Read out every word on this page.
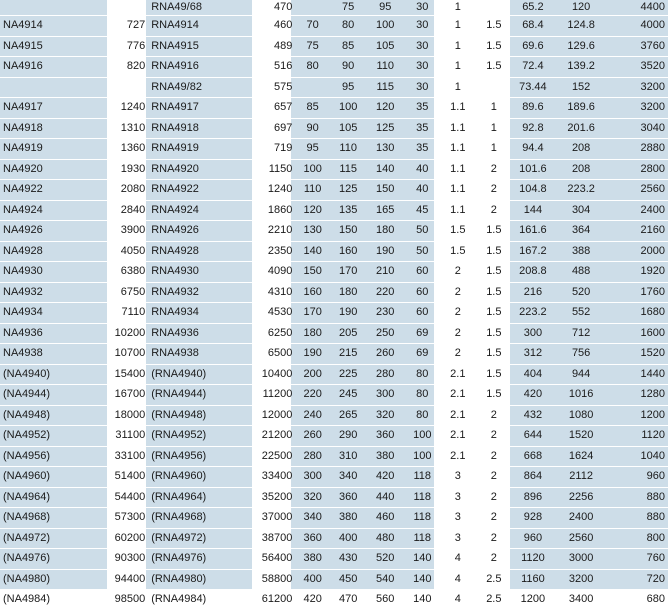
		RNA49/68	470		75	95	30	1		65.2	120	4400
NA4914	727	RNA4914	460	70	80	100	30	1	1.5	68.4	124.8	4000
NA4915	776	RNA4915	489	75	85	105	30	1	1.5	69.6	129.6	3760
NA4916	820	RNA4916	516	80	90	110	30	1	1.5	72.4	139.2	3520
		RNA49/82	575		95	115	30	1		73.44	152	3200
NA4917	1240	RNA4917	657	85	100	120	35	1.1	1	89.6	189.6	3200
NA4918	1310	RNA4918	697	90	105	125	35	1.1	1	92.8	201.6	3040
NA4919	1360	RNA4919	719	95	110	130	35	1.1	1	94.4	208	2880
NA4920	1930	RNA4920	1150	100	115	140	40	1.1	2	101.6	208	2800
NA4922	2080	RNA4922	1240	110	125	150	40	1.1	2	104.8	223.2	2560
NA4924	2840	RNA4924	1860	120	135	165	45	1.1	2	144	304	2400
NA4926	3900	RNA4926	2210	130	150	180	50	1.5	1.5	161.6	364	2160
NA4928	4050	RNA4928	2350	140	160	190	50	1.5	1.5	167.2	388	2000
NA4930	6380	RNA4930	4090	150	170	210	60	2	1.5	208.8	488	1920
NA4932	6750	RNA4932	4310	160	180	220	60	2	1.5	216	520	1760
NA4934	7110	RNA4934	4530	170	190	230	60	2	1.5	223.2	552	1680
NA4936	10200	RNA4936	6250	180	205	250	69	2	1.5	300	712	1600
NA4938	10700	RNA4938	6500	190	215	260	69	2	1.5	312	756	1520
(NA4940)	15400	(RNA4940)	10400	200	225	280	80	2.1	1.5	404	944	1440
(NA4944)	16700	(RNA4944)	11200	220	245	300	80	2.1	1.5	420	1016	1280
(NA4948)	18000	(RNA4948)	12000	240	265	320	80	2.1	2	432	1080	1200
(NA4952)	31100	(RNA4952)	21200	260	290	360	100	2.1	2	644	1520	1120
(NA4956)	33100	(RNA4956)	22500	280	310	380	100	2.1	2	668	1624	1040
(NA4960)	51400	(RNA4960)	33400	300	340	420	118	3	2	864	2112	960
(NA4964)	54400	(RNA4964)	35200	320	360	440	118	3	2	896	2256	880
(NA4968)	57300	(RNA4968)	37000	340	380	460	118	3	2	928	2400	880
(NA4972)	60200	(RNA4972)	38700	360	400	480	118	3	2	960	2560	800
(NA4976)	90300	(RNA4976)	56400	380	430	520	140	4	2	1120	3000	760
(NA4980)	94400	(RNA4980)	58800	400	450	540	140	4	2.5	1160	3200	720
(NA4984)	98500	(RNA4984)	61200	420	470	560	140	4	2.5	1200	3400	680
